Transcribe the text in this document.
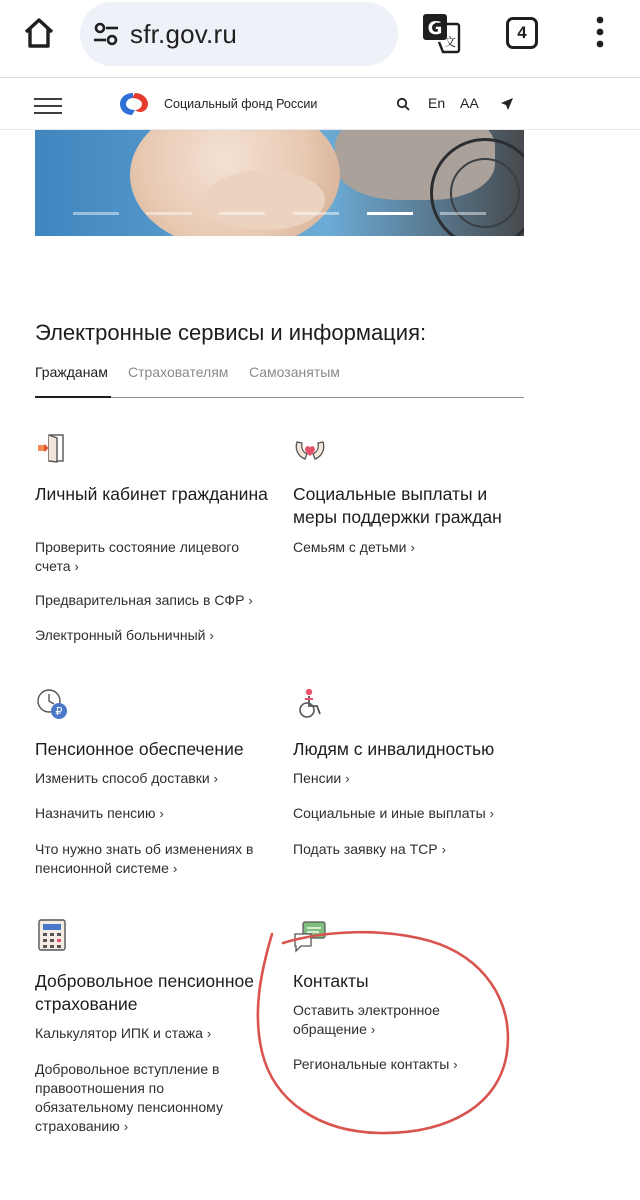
sfr.gov.ru	G
文	4
Социальный фонд России	En AA
Электронные сервисы и информация:
Гражданам Страхователям Самозанятым
Личный кабинет гражданина
Проверить состояние лицевого счета ›
Предварительная запись в СФР ›
Электронный больничный ›
Социальные выплаты и меры поддержки граждан
Семьям с детьми ›
₽
Пенсионное обеспечение
Изменить способ доставки ›
Назначить пенсию ›
Что нужно знать об изменениях в пенсионной системе ›
Людям с инвалидностью
Пенсии ›
Социальные и иные выплаты ›
Подать заявку на ТСР ›
Добровольное пенсионное страхование
Калькулятор ИПК и стажа ›
Добровольное вступление в правоотношения по обязательному пенсионному страхованию ›
Контакты
Оставить электронное обращение ›
Региональные контакты ›
